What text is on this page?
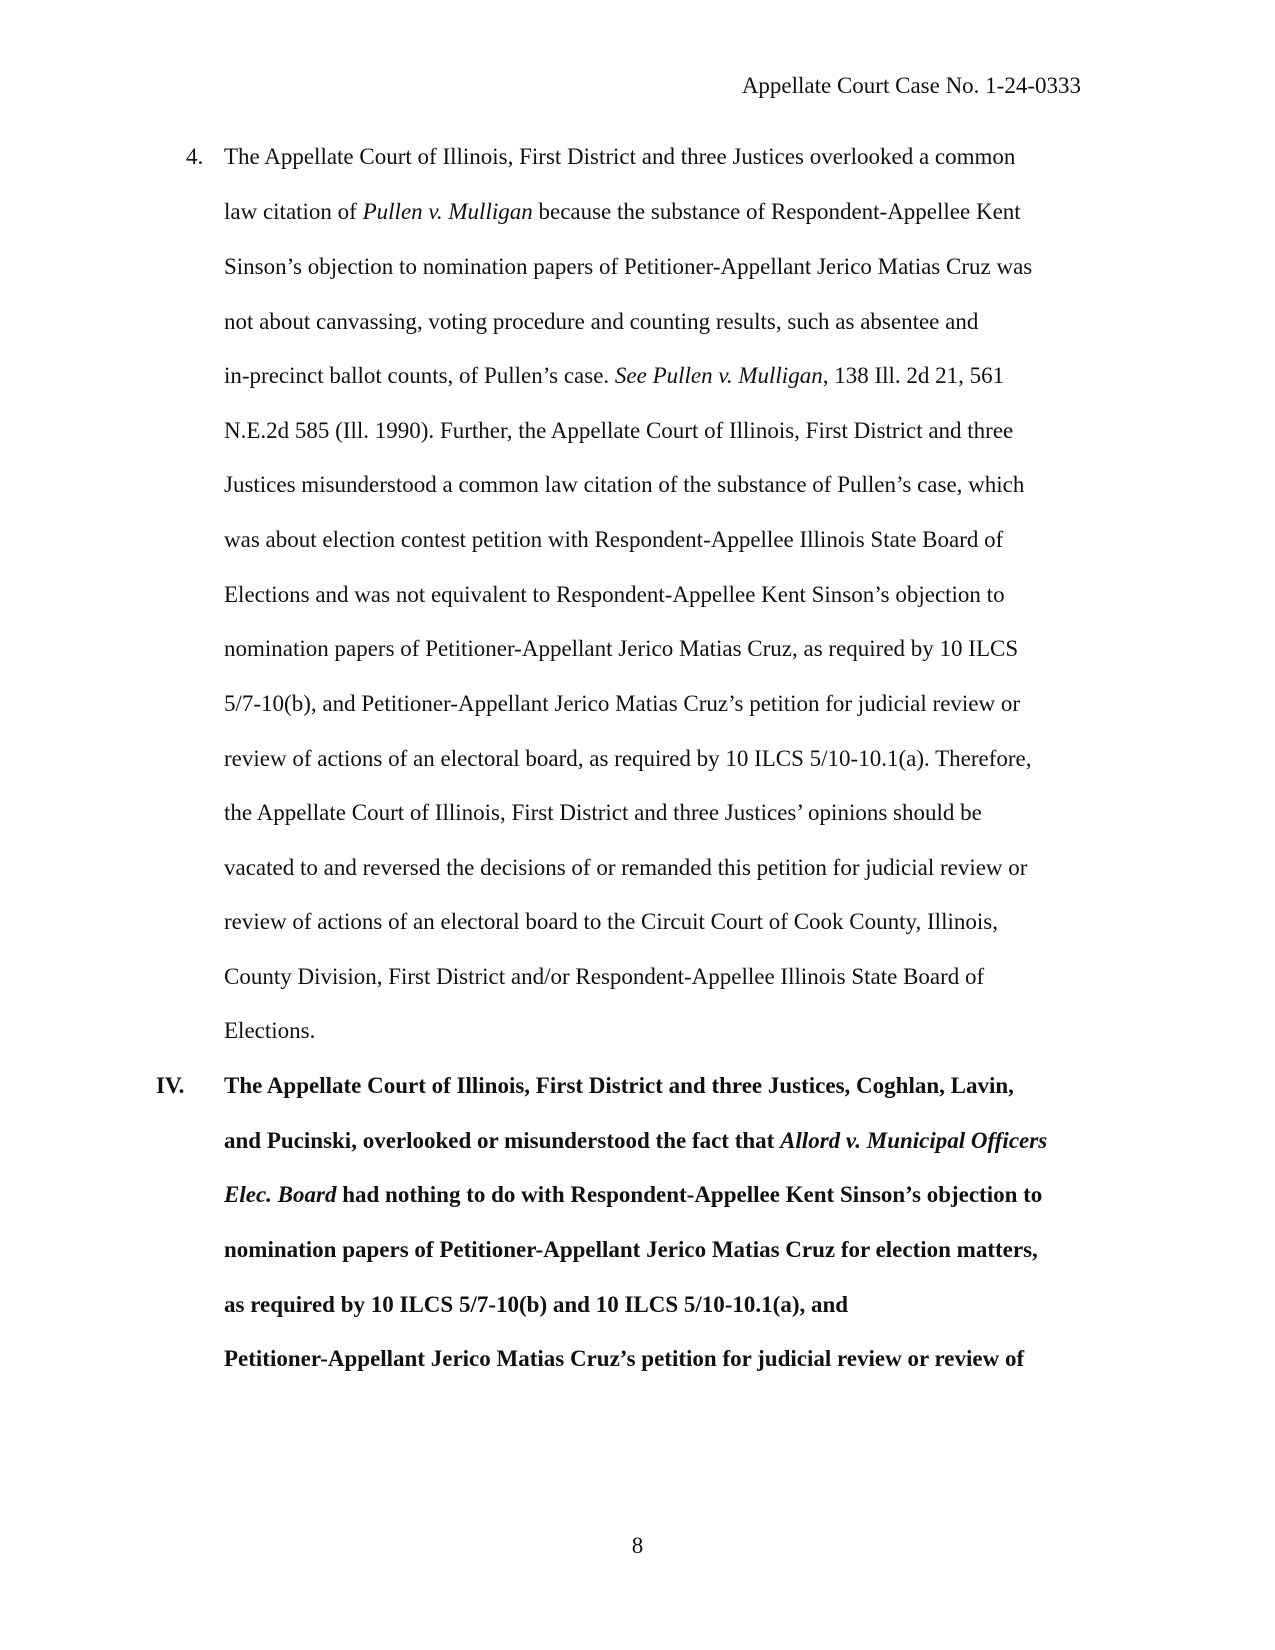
Appellate Court Case No. 1-24-0333
4. The Appellate Court of Illinois, First District and three Justices overlooked a common
law citation of Pullen v. Mulligan because the substance of Respondent-Appellee Kent
Sinson’s objection to nomination papers of Petitioner-Appellant Jerico Matias Cruz was
not about canvassing, voting procedure and counting results, such as absentee and
in-precinct ballot counts, of Pullen’s case. See Pullen v. Mulligan, 138 Ill. 2d 21, 561
N.E.2d 585 (Ill. 1990). Further, the Appellate Court of Illinois, First District and three
Justices misunderstood a common law citation of the substance of Pullen’s case, which
was about election contest petition with Respondent-Appellee Illinois State Board of
Elections and was not equivalent to Respondent-Appellee Kent Sinson’s objection to
nomination papers of Petitioner-Appellant Jerico Matias Cruz, as required by 10 ILCS
5/7-10(b), and Petitioner-Appellant Jerico Matias Cruz’s petition for judicial review or
review of actions of an electoral board, as required by 10 ILCS 5/10-10.1(a). Therefore,
the Appellate Court of Illinois, First District and three Justices’ opinions should be
vacated to and reversed the decisions of or remanded this petition for judicial review or
review of actions of an electoral board to the Circuit Court of Cook County, Illinois,
County Division, First District and/or Respondent-Appellee Illinois State Board of
Elections.
IV. The Appellate Court of Illinois, First District and three Justices, Coghlan, Lavin,
and Pucinski, overlooked or misunderstood the fact that Allord v. Municipal Officers
Elec. Board had nothing to do with Respondent-Appellee Kent Sinson’s objection to
nomination papers of Petitioner-Appellant Jerico Matias Cruz for election matters,
as required by 10 ILCS 5/7-10(b) and 10 ILCS 5/10-10.1(a), and
Petitioner-Appellant Jerico Matias Cruz’s petition for judicial review or review of
8
